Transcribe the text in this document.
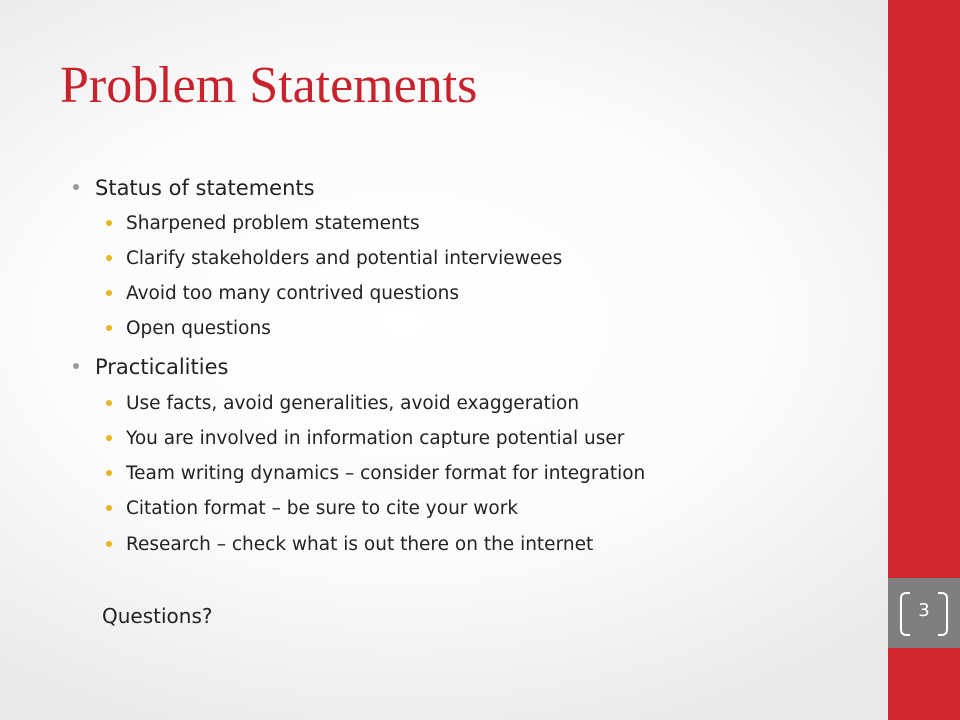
3
Problem Statements
Status of statements
Sharpened problem statements
Clarify stakeholders and potential interviewees
Avoid too many contrived questions
Open questions
Practicalities
Use facts, avoid generalities, avoid exaggeration
You are involved in information capture potential user
Team writing dynamics – consider format for integration
Citation format – be sure to cite your work
Research – check what is out there on the internet
Questions?
